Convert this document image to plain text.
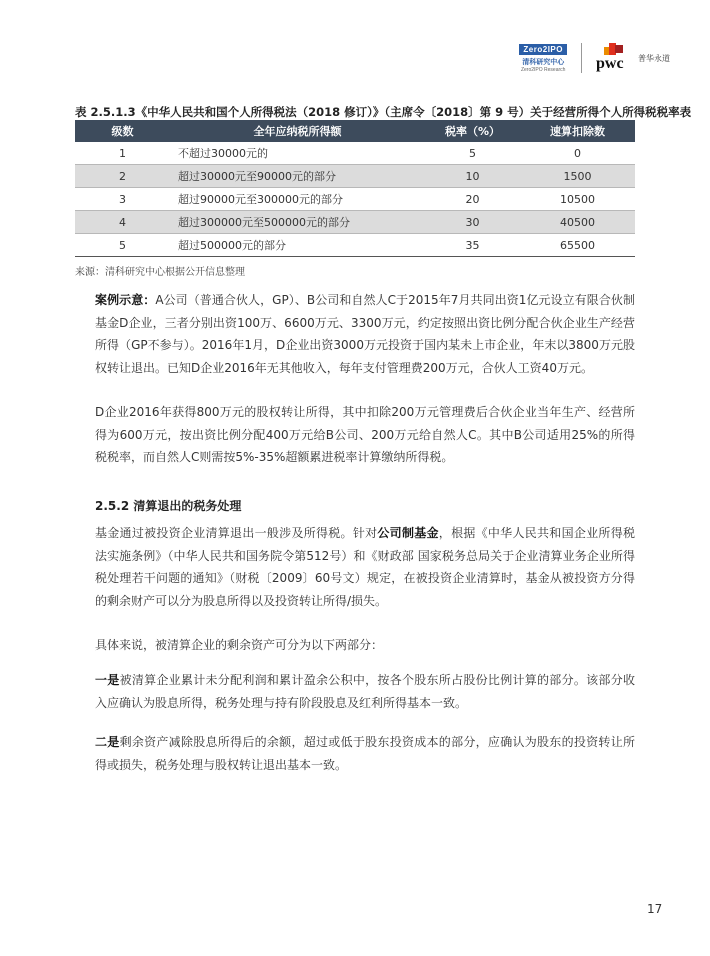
Zero2IPO
清科研究中心
Zero2IPO Research pwc 普华永道
表 2.5.1.3《中华人民共和国个人所得税法（2018 修订）》（主席令〔2018〕第 9 号）关于经营所得个人所得税税率表
级数	全年应纳税所得额	税率（%）	速算扣除数
1	不超过30000元的	5	0
2	超过30000元至90000元的部分	10	1500
3	超过90000元至300000元的部分	20	10500
4	超过300000元至500000元的部分	30	40500
5	超过500000元的部分	35	65500
来源：清科研究中心根据公开信息整理
案例示意：A公司（普通合伙人，GP）、B公司和自然人C于2015年7月共同出资1亿元设立有限合伙制基金D企业，三者分别出资100万、6600万元、3300万元，约定按照出资比例分配合伙企业生产经营所得（GP不参与）。2016年1月，D企业出资3000万元投资于国内某未上市企业，年末以3800万元股权转让退出。已知D企业2016年无其他收入，每年支付管理费200万元，合伙人工资40万元。
D企业2016年获得800万元的股权转让所得，其中扣除200万元管理费后合伙企业当年生产、经营所得为600万元，按出资比例分配400万元给B公司、200万元给自然人C。其中B公司适用25%的所得税税率，而自然人C则需按5%-35%超额累进税率计算缴纳所得税。
2.5.2 清算退出的税务处理
基金通过被投资企业清算退出一般涉及所得税。针对公司制基金，根据《中华人民共和国企业所得税法实施条例》（中华人民共和国务院令第512号）和《财政部 国家税务总局关于企业清算业务企业所得税处理若干问题的通知》（财税〔2009〕60号文）规定，在被投资企业清算时，基金从被投资方分得的剩余财产可以分为股息所得以及投资转让所得/损失。
具体来说，被清算企业的剩余资产可分为以下两部分：
一是被清算企业累计未分配利润和累计盈余公积中，按各个股东所占股份比例计算的部分。该部分收入应确认为股息所得，税务处理与持有阶段股息及红利所得基本一致。
二是剩余资产减除股息所得后的余额，超过或低于股东投资成本的部分，应确认为股东的投资转让所得或损失，税务处理与股权转让退出基本一致。
17
